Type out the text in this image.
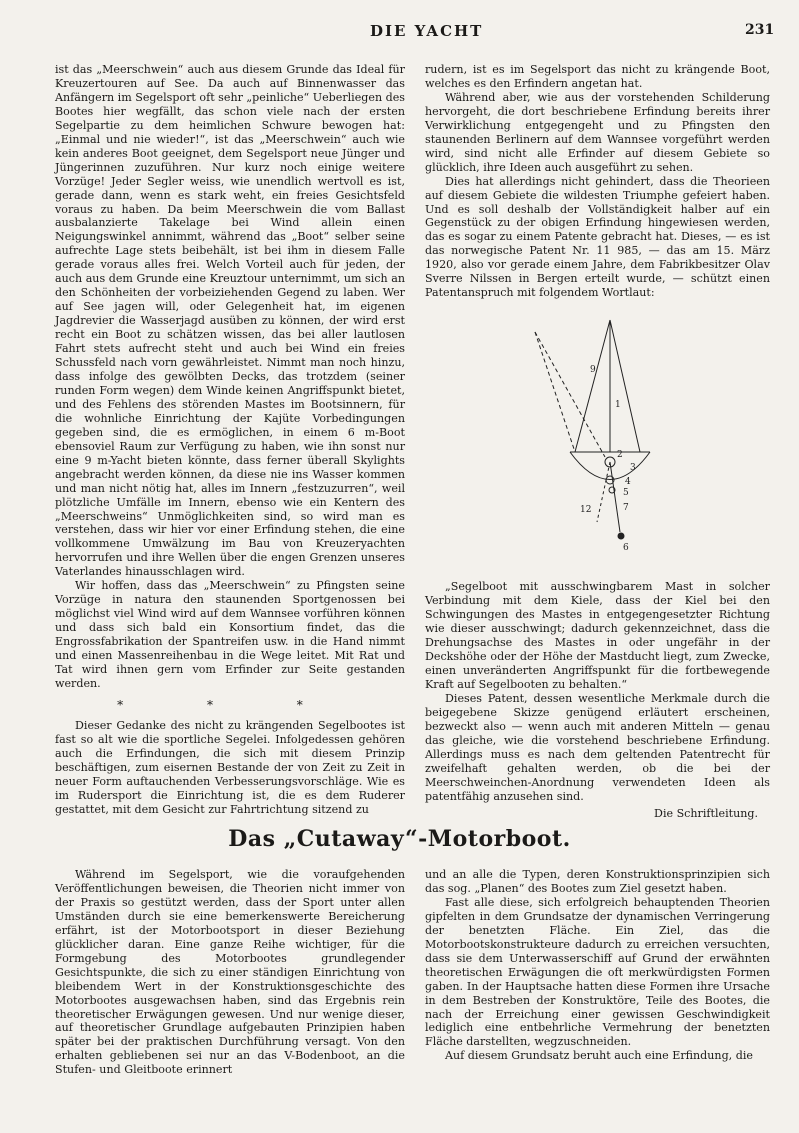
DIE YACHT	231

ist das „Meerschwein“ auch aus diesem Grunde das Ideal für Kreuzertouren auf See. Da auch auf Binnenwasser das Anfängern im Segelsport oft sehr „peinliche“ Ueberliegen des Bootes hier wegfällt, das schon viele nach der ersten Segelpartie zu dem heimlichen Schwure bewogen hat: „Einmal und nie wieder!“, ist das „Meerschwein“ auch wie kein anderes Boot geeignet, dem Segelsport neue Jünger und Jüngerinnen zuzuführen. Nur kurz noch einige weitere Vorzüge! Jeder Segler weiss, wie unendlich wertvoll es ist, gerade dann, wenn es stark weht, ein freies Gesichtsfeld voraus zu haben. Da beim Meerschwein die vom Ballast ausbalanzierte Takelage bei Wind allein einen Neigungswinkel annimmt, während das „Boot“ selber seine aufrechte Lage stets beibehält, ist bei ihm in diesem Falle gerade voraus alles frei. Welch Vorteil auch für jeden, der auch aus dem Grunde eine Kreuztour unternimmt, um sich an den Schönheiten der vorbeiziehenden Gegend zu laben. Wer auf See jagen will, oder Gelegenheit hat, im eigenen Jagdrevier die Wasserjagd ausüben zu können, der wird erst recht ein Boot zu schätzen wissen, das bei aller lautlosen Fahrt stets aufrecht steht und auch bei Wind ein freies Schussfeld nach vorn gewährleistet. Nimmt man noch hinzu, dass infolge des gewölbten Decks, das trotzdem (seiner runden Form wegen) dem Winde keinen Angriffspunkt bietet, und des Fehlens des störenden Mastes im Bootsinnern, für die wohnliche Einrichtung der Kajüte Vorbedingungen gegeben sind, die es ermöglichen, in einem 6 m-Boot ebensoviel Raum zur Verfügung zu haben, wie ihn sonst nur eine 9 m-Yacht bieten könnte, dass ferner überall Skylights angebracht werden können, da diese nie ins Wasser kommen und man nicht nötig hat, alles im Innern „festzuzurren“, weil plötzliche Umfälle im Innern, ebenso wie ein Kentern des „Meerschweins“ Unmöglichkeiten sind, so wird man es verstehen, dass wir hier vor einer Erfindung stehen, die eine vollkommene Umwälzung im Bau von Kreuzeryachten hervorrufen und ihre Wellen über die engen Grenzen unseres Vaterlandes hinausschlagen wird.

Wir hoffen, dass das „Meerschwein“ zu Pfingsten seine Vorzüge in natura den staunenden Sportgenossen bei möglichst viel Wind wird auf dem Wannsee vorführen können und dass sich bald ein Konsortium findet, das die Engrossfabrikation der Spantreifen usw. in die Hand nimmt und einen Massenreihenbau in die Wege leitet. Mit Rat und Tat wird ihnen gern vom Erfinder zur Seite gestanden werden.

* * *

Dieser Gedanke des nicht zu krängenden Segelbootes ist fast so alt wie die sportliche Segelei. Infolgedessen gehören auch die Erfindungen, die sich mit diesem Prinzip beschäftigen, zum eisernen Bestande der von Zeit zu Zeit in neuer Form auftauchenden Verbesserungsvorschläge. Wie es im Rudersport die Einrichtung ist, die es dem Ruderer gestattet, mit dem Gesicht zur Fahrtrichtung sitzend zu

rudern, ist es im Segelsport das nicht zu krängende Boot, welches es den Erfindern angetan hat.

Während aber, wie aus der vorstehenden Schilderung hervorgeht, die dort beschriebene Erfindung bereits ihrer Verwirklichung entgegengeht und zu Pfingsten den staunenden Berlinern auf dem Wannsee vorgeführt werden wird, sind nicht alle Erfinder auf diesem Gebiete so glücklich, ihre Ideen auch ausgeführt zu sehen.

Dies hat allerdings nicht gehindert, dass die Theorieen auf diesem Gebiete die wildesten Triumphe gefeiert haben. Und es soll deshalb der Vollständigkeit halber auf ein Gegenstück zu der obigen Erfindung hingewiesen werden, das es sogar zu einem Patente gebracht hat. Dieses, — es ist das norwegische Patent Nr. 11 985, — das am 15. März 1920, also vor gerade einem Jahre, dem Fabrikbesitzer Olav Sverre Nilssen in Bergen erteilt wurde, — schützt einen Patentanspruch mit folgendem Wortlaut:

9
1
2
3
4
5
7
12
6

„Segelboot mit ausschwingbarem Mast in solcher Verbindung mit dem Kiele, dass der Kiel bei den Schwingungen des Mastes in entgegengesetzter Richtung wie dieser ausschwingt; dadurch gekennzeichnet, dass die Drehungsachse des Mastes in oder ungefähr in der Deckshöhe oder der Höhe der Mastducht liegt, zum Zwecke, einen unveränderten Angriffspunkt für die fortbewegende Kraft auf Segelbooten zu behalten.“

Dieses Patent, dessen wesentliche Merkmale durch die beigegebene Skizze genügend erläutert erscheinen, bezweckt also — wenn auch mit anderen Mitteln — genau das gleiche, wie die vorstehend beschriebene Erfindung. Allerdings muss es nach dem geltenden Patentrecht für zweifelhaft gehalten werden, ob die bei der Meerschweinchen-Anordnung verwendeten Ideen als patentfähig anzusehen sind.

Die Schriftleitung.
Das „Cutaway“-Motorboot.

Während im Segelsport, wie die voraufgehenden Veröffentlichungen beweisen, die Theorien nicht immer von der Praxis so gestützt werden, dass der Sport unter allen Umständen durch sie eine bemerkenswerte Bereicherung erfährt, ist der Motorbootsport in dieser Beziehung glücklicher daran. Eine ganze Reihe wichtiger, für die Formgebung des Motorbootes grundlegender Gesichtspunkte, die sich zu einer ständigen Einrichtung von bleibendem Wert in der Konstruktionsgeschichte des Motorbootes ausgewachsen haben, sind das Ergebnis rein theoretischer Erwägungen gewesen. Und nur wenige dieser, auf theoretischer Grundlage aufgebauten Prinzipien haben später bei der praktischen Durchführung versagt. Von den erhalten gebliebenen sei nur an das V-Bodenboot, an die Stufen- und Gleitboote erinnert

und an alle die Typen, deren Konstruktionsprinzipien sich das sog. „Planen“ des Bootes zum Ziel gesetzt haben.

Fast alle diese, sich erfolgreich behauptenden Theorien gipfelten in dem Grundsatze der dynamischen Verringerung der benetzten Fläche. Ein Ziel, das die Motorbootskonstrukteure dadurch zu erreichen versuchten, dass sie dem Unterwasserschiff auf Grund der erwähnten theoretischen Erwägungen die oft merkwürdigsten Formen gaben. In der Hauptsache hatten diese Formen ihre Ursache in dem Bestreben der Konstruktöre, Teile des Bootes, die nach der Erreichung einer gewissen Geschwindigkeit lediglich eine entbehrliche Vermehrung der benetzten Fläche darstellten, wegzuschneiden.

Auf diesem Grundsatz beruht auch eine Erfindung, die
